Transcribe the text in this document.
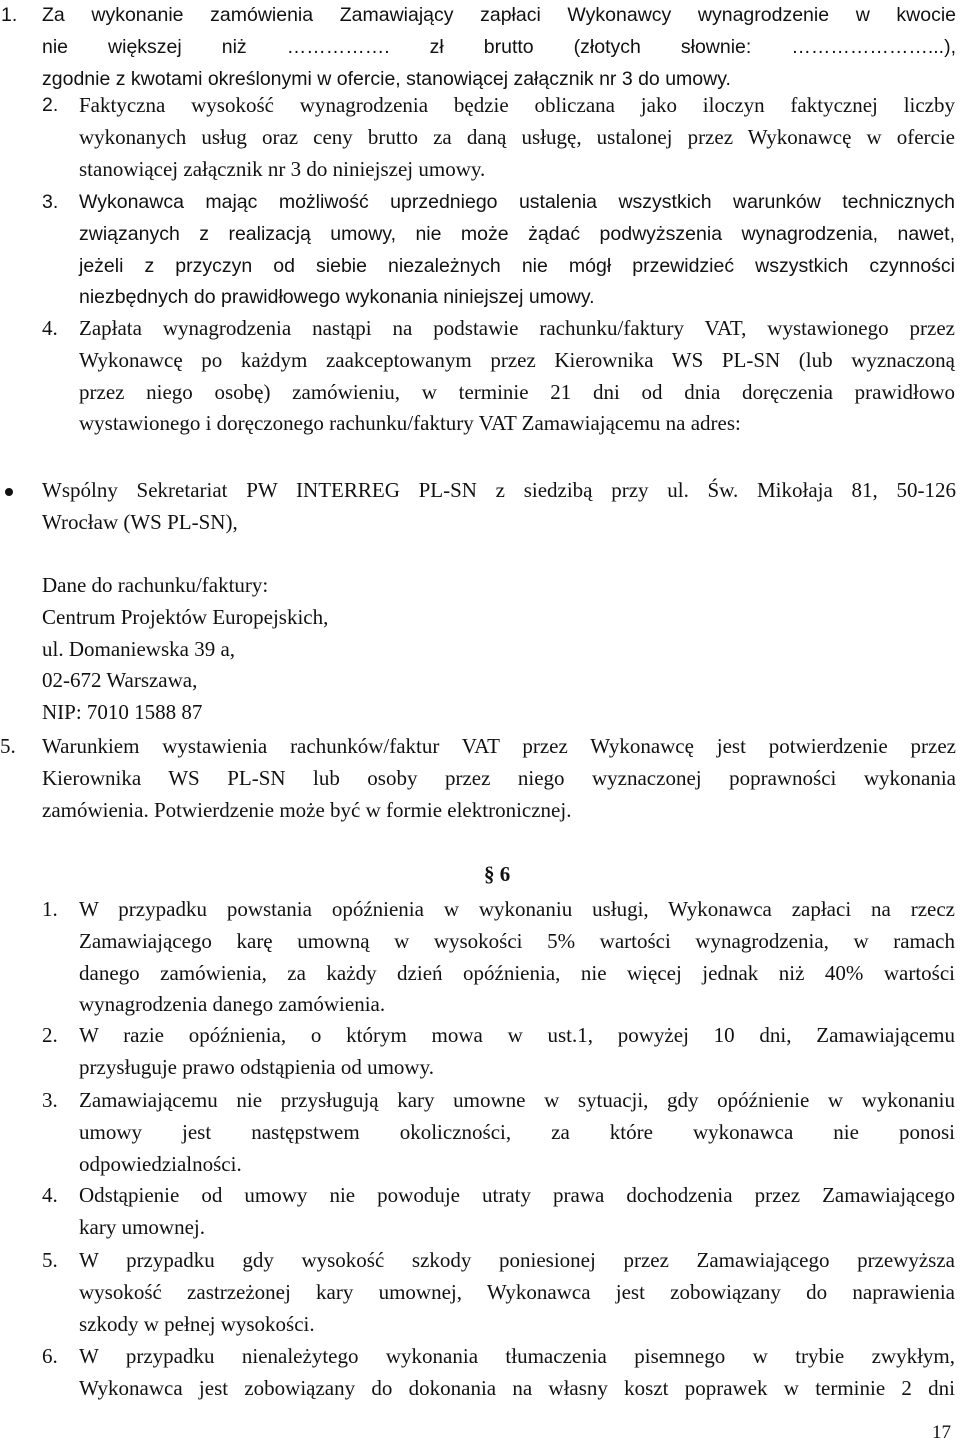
1. Za wykonanie zamówienia Zamawiający zapłaci Wykonawcy wynagrodzenie w kwocie
nie większej niż ……………. zł brutto (złotych słownie: …………………...),
zgodnie z kwotami określonymi w ofercie, stanowiącej załącznik nr 3 do umowy.
2. Faktyczna wysokość wynagrodzenia będzie obliczana jako iloczyn faktycznej liczby
wykonanych usług oraz ceny brutto za daną usługę, ustalonej przez Wykonawcę w ofercie
stanowiącej załącznik nr 3 do niniejszej umowy.
3. Wykonawca mając możliwość uprzedniego ustalenia wszystkich warunków technicznych
związanych z realizacją umowy, nie może żądać podwyższenia wynagrodzenia, nawet,
jeżeli z przyczyn od siebie niezależnych nie mógł przewidzieć wszystkich czynności
niezbędnych do prawidłowego wykonania niniejszej umowy.
4. Zapłata wynagrodzenia nastąpi na podstawie rachunku/faktury VAT, wystawionego przez
Wykonawcę po każdym zaakceptowanym przez Kierownika WS PL-SN (lub wyznaczoną
przez niego osobę) zamówieniu, w terminie 21 dni od dnia doręczenia prawidłowo
wystawionego i doręczonego rachunku/faktury VAT Zamawiającemu na adres:
Wspólny Sekretariat PW INTERREG PL-SN z siedzibą przy ul. Św. Mikołaja 81, 50-126
Wrocław (WS PL-SN),
Dane do rachunku/faktury:
Centrum Projektów Europejskich,
ul. Domaniewska 39 a,
02-672 Warszawa,
NIP: 7010 1588 87
5. Warunkiem wystawienia rachunków/faktur VAT przez Wykonawcę jest potwierdzenie przez
Kierownika WS PL-SN lub osoby przez niego wyznaczonej poprawności wykonania
zamówienia. Potwierdzenie może być w formie elektronicznej.
§ 6
1. W przypadku powstania opóźnienia w wykonaniu usługi, Wykonawca zapłaci na rzecz
Zamawiającego karę umowną w wysokości 5% wartości wynagrodzenia, w ramach
danego zamówienia, za każdy dzień opóźnienia, nie więcej jednak niż 40% wartości
wynagrodzenia danego zamówienia.
2. W razie opóźnienia, o którym mowa w ust.1, powyżej 10 dni, Zamawiającemu
przysługuje prawo odstąpienia od umowy.
3. Zamawiającemu nie przysługują kary umowne w sytuacji, gdy opóźnienie w wykonaniu
umowy jest następstwem okoliczności, za które wykonawca nie ponosi
odpowiedzialności.
4. Odstąpienie od umowy nie powoduje utraty prawa dochodzenia przez Zamawiającego
kary umownej.
5. W przypadku gdy wysokość szkody poniesionej przez Zamawiającego przewyższa
wysokość zastrzeżonej kary umownej, Wykonawca jest zobowiązany do naprawienia
szkody w pełnej wysokości.
6. W przypadku nienależytego wykonania tłumaczenia pisemnego w trybie zwykłym,
Wykonawca jest zobowiązany do dokonania na własny koszt poprawek w terminie 2 dni
17
